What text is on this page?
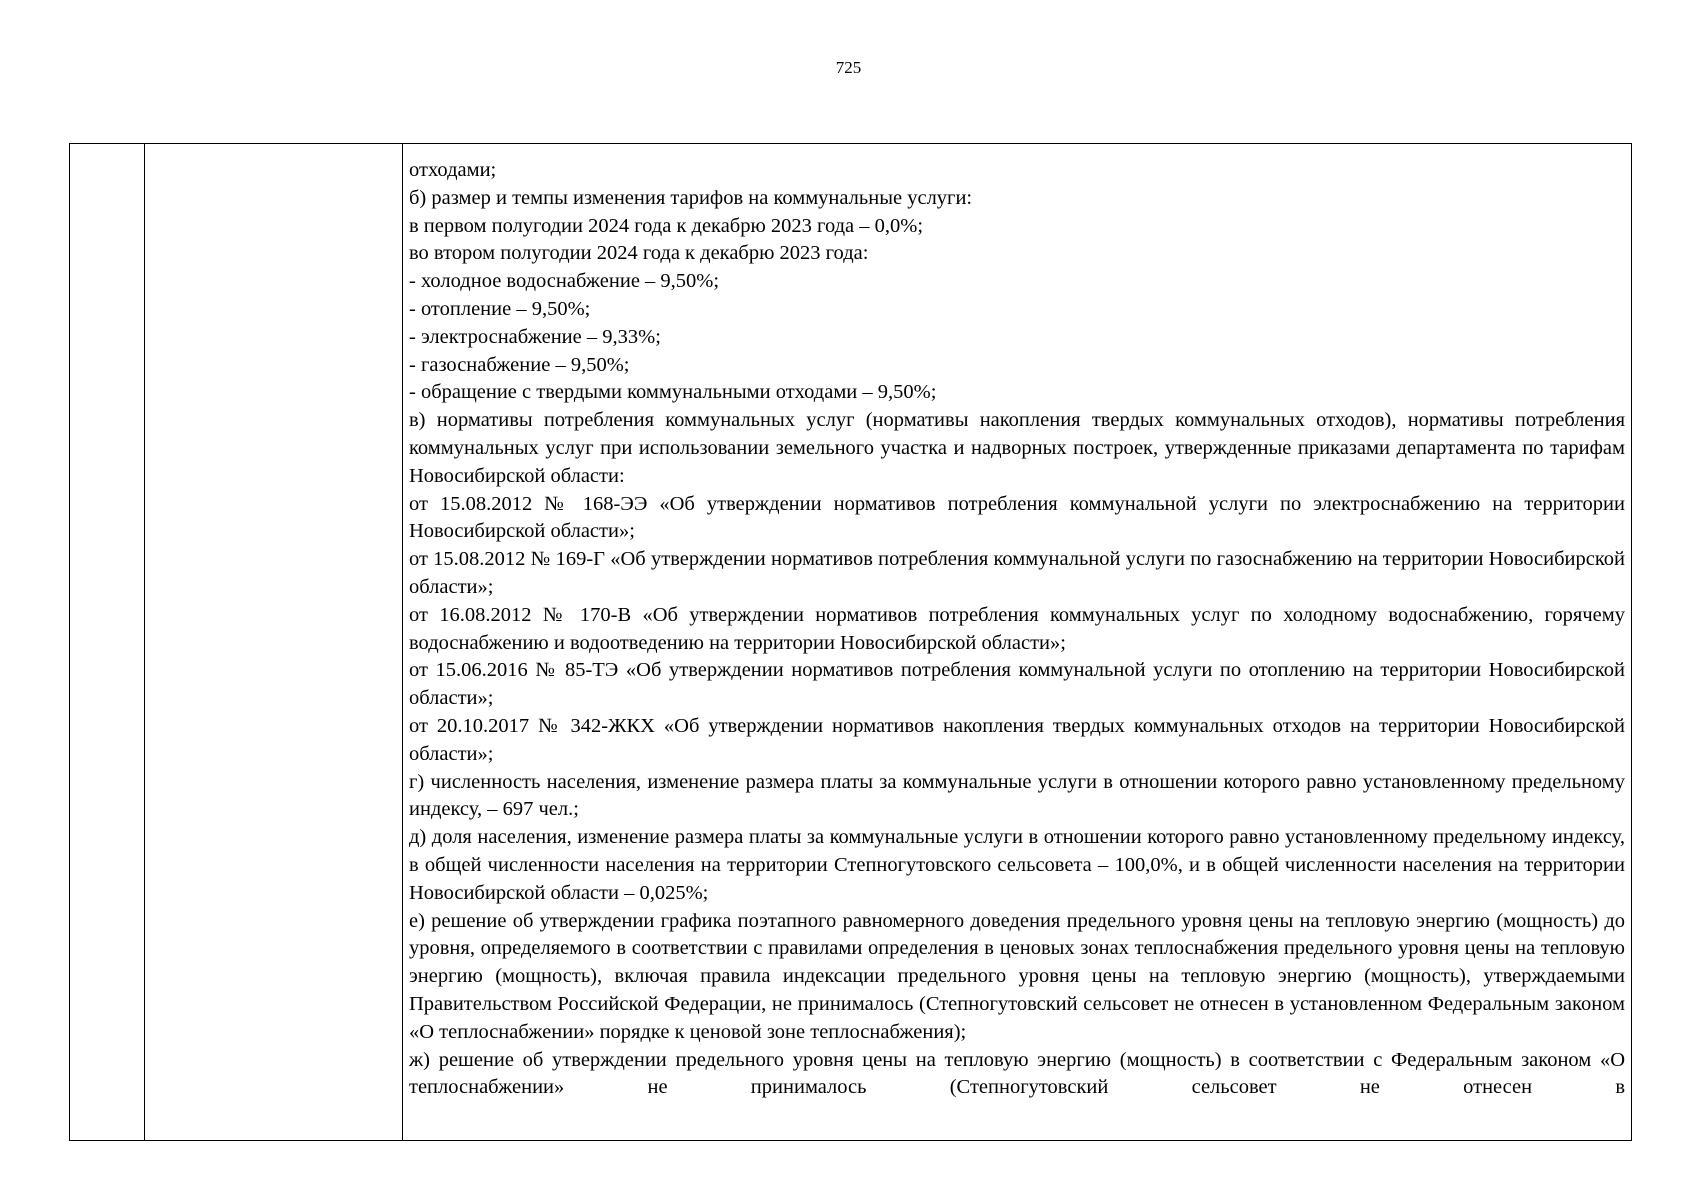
725

отходами;

б) размер и темпы изменения тарифов на коммунальные услуги:

в первом полугодии 2024 года к декабрю 2023 года – 0,0%;

во втором полугодии 2024 года к декабрю 2023 года:

- холодное водоснабжение – 9,50%;

- отопление – 9,50%;

- электроснабжение – 9,33%;

- газоснабжение – 9,50%;

- обращение с твердыми коммунальными отходами – 9,50%;

в) нормативы потребления коммунальных услуг (нормативы накопления твердых коммунальных отходов), нормативы потребления коммунальных услуг при использовании земельного участка и надворных построек, утвержденные приказами департамента по тарифам Новосибирской области:

от 15.08.2012 № 168-ЭЭ «Об утверждении нормативов потребления коммунальной услуги по электроснабжению на территории Новосибирской области»;

от 15.08.2012 № 169-Г «Об утверждении нормативов потребления коммунальной услуги по газоснабжению на территории Новосибирской области»;

от 16.08.2012 № 170-В «Об утверждении нормативов потребления коммунальных услуг по холодному водоснабжению, горячему водоснабжению и водоотведению на территории Новосибирской области»;

от 15.06.2016 № 85-ТЭ «Об утверждении нормативов потребления коммунальной услуги по отоплению на территории Новосибирской области»;

от 20.10.2017 № 342-ЖКХ «Об утверждении нормативов накопления твердых коммунальных отходов на территории Новосибирской области»;

г) численность населения, изменение размера платы за коммунальные услуги в отношении которого равно установленному предельному индексу, – 697 чел.;

д) доля населения, изменение размера платы за коммунальные услуги в отношении которого равно установленному предельному индексу, в общей численности населения на территории Степногутовского сельсовета – 100,0%, и в общей численности населения на территории Новосибирской области – 0,025%;

е) решение об утверждении графика поэтапного равномерного доведения предельного уровня цены на тепловую энергию (мощность) до уровня, определяемого в соответствии с правилами определения в ценовых зонах теплоснабжения предельного уровня цены на тепловую энергию (мощность), включая правила индексации предельного уровня цены на тепловую энергию (мощность), утверждаемыми Правительством Российской Федерации, не принималось (Степногутовский сельсовет не отнесен в установленном Федеральным законом «О теплоснабжении» порядке к ценовой зоне теплоснабжения);

ж) решение об утверждении предельного уровня цены на тепловую энергию (мощность) в соответствии с Федеральным законом «О теплоснабжении» не принималось (Степногутовский сельсовет не отнесен в
